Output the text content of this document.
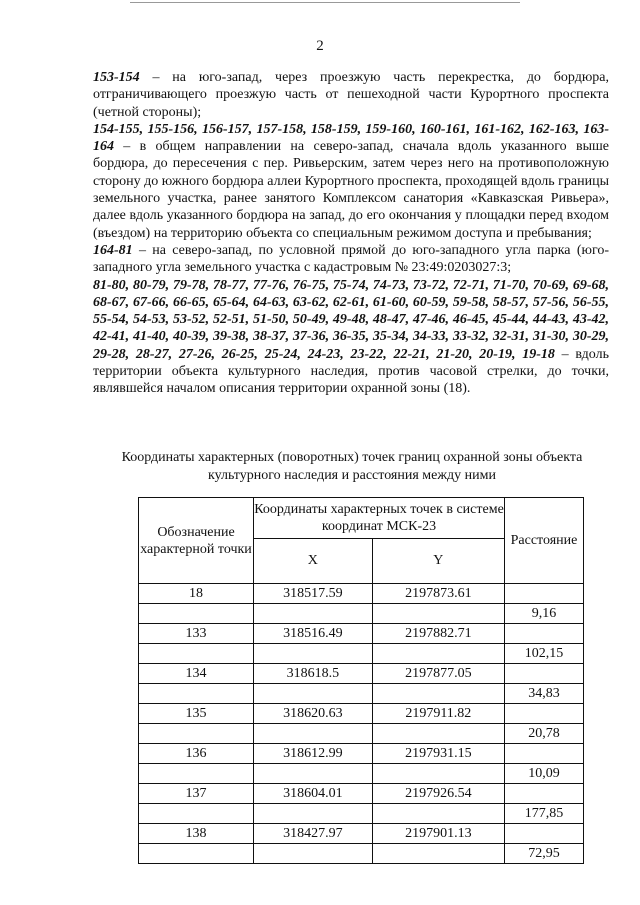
2

153-154 – на юго-запад, через проезжую часть перекрестка, до бордюра, отграничивающего проезжую часть от пешеходной части Курортного проспекта (четной стороны);

154-155, 155-156, 156-157, 157-158, 158-159, 159-160, 160-161, 161-162, 162-163, 163-164 – в общем направлении на северо-запад, сначала вдоль указанного выше бордюра, до пересечения с пер. Ривьерским, затем через него на противоположную сторону до южного бордюра аллеи Курортного проспекта, проходящей вдоль границы земельного участка, ранее занятого Комплексом санатория «Кавказская Ривьера», далее вдоль указанного бордюра на запад, до его окончания у площадки перед входом (въездом) на территорию объекта со специальным режимом доступа и пребывания;

164-81 – на северо-запад, по условной прямой до юго-западного угла парка (юго-западного угла земельного участка с кадастровым № 23:49:0203027:3;

81-80, 80-79, 79-78, 78-77, 77-76, 76-75, 75-74, 74-73, 73-72, 72-71, 71-70, 70-69, 69-68, 68-67, 67-66, 66-65, 65-64, 64-63, 63-62, 62-61, 61-60, 60-59, 59-58, 58-57, 57-56, 56-55, 55-54, 54-53, 53-52, 52-51, 51-50, 50-49, 49-48, 48-47, 47-46, 46-45, 45-44, 44-43, 43-42, 42-41, 41-40, 40-39, 39-38, 38-37, 37-36, 36-35, 35-34, 34-33, 33-32, 32-31, 31-30, 30-29, 29-28, 28-27, 27-26, 26-25, 25-24, 24-23, 23-22, 22-21, 21-20, 20-19, 19-18 – вдоль территории объекта культурного наследия, против часовой стрелки, до точки, являвшейся началом описания территории охранной зоны (18).

Координаты характерных (поворотных) точек границ охранной зоны объекта культурного наследия и расстояния между ними
Обозначение характерной точки	Координаты характерных точек в системе координат МСК-23		Расстояние
	X	Y	
18	318517.59	2197873.61	
			9,16
133	318516.49	2197882.71	
			102,15
134	318618.5	2197877.05	
			34,83
135	318620.63	2197911.82	
			20,78
136	318612.99	2197931.15	
			10,09
137	318604.01	2197926.54	
			177,85
138	318427.97	2197901.13	
			72,95
